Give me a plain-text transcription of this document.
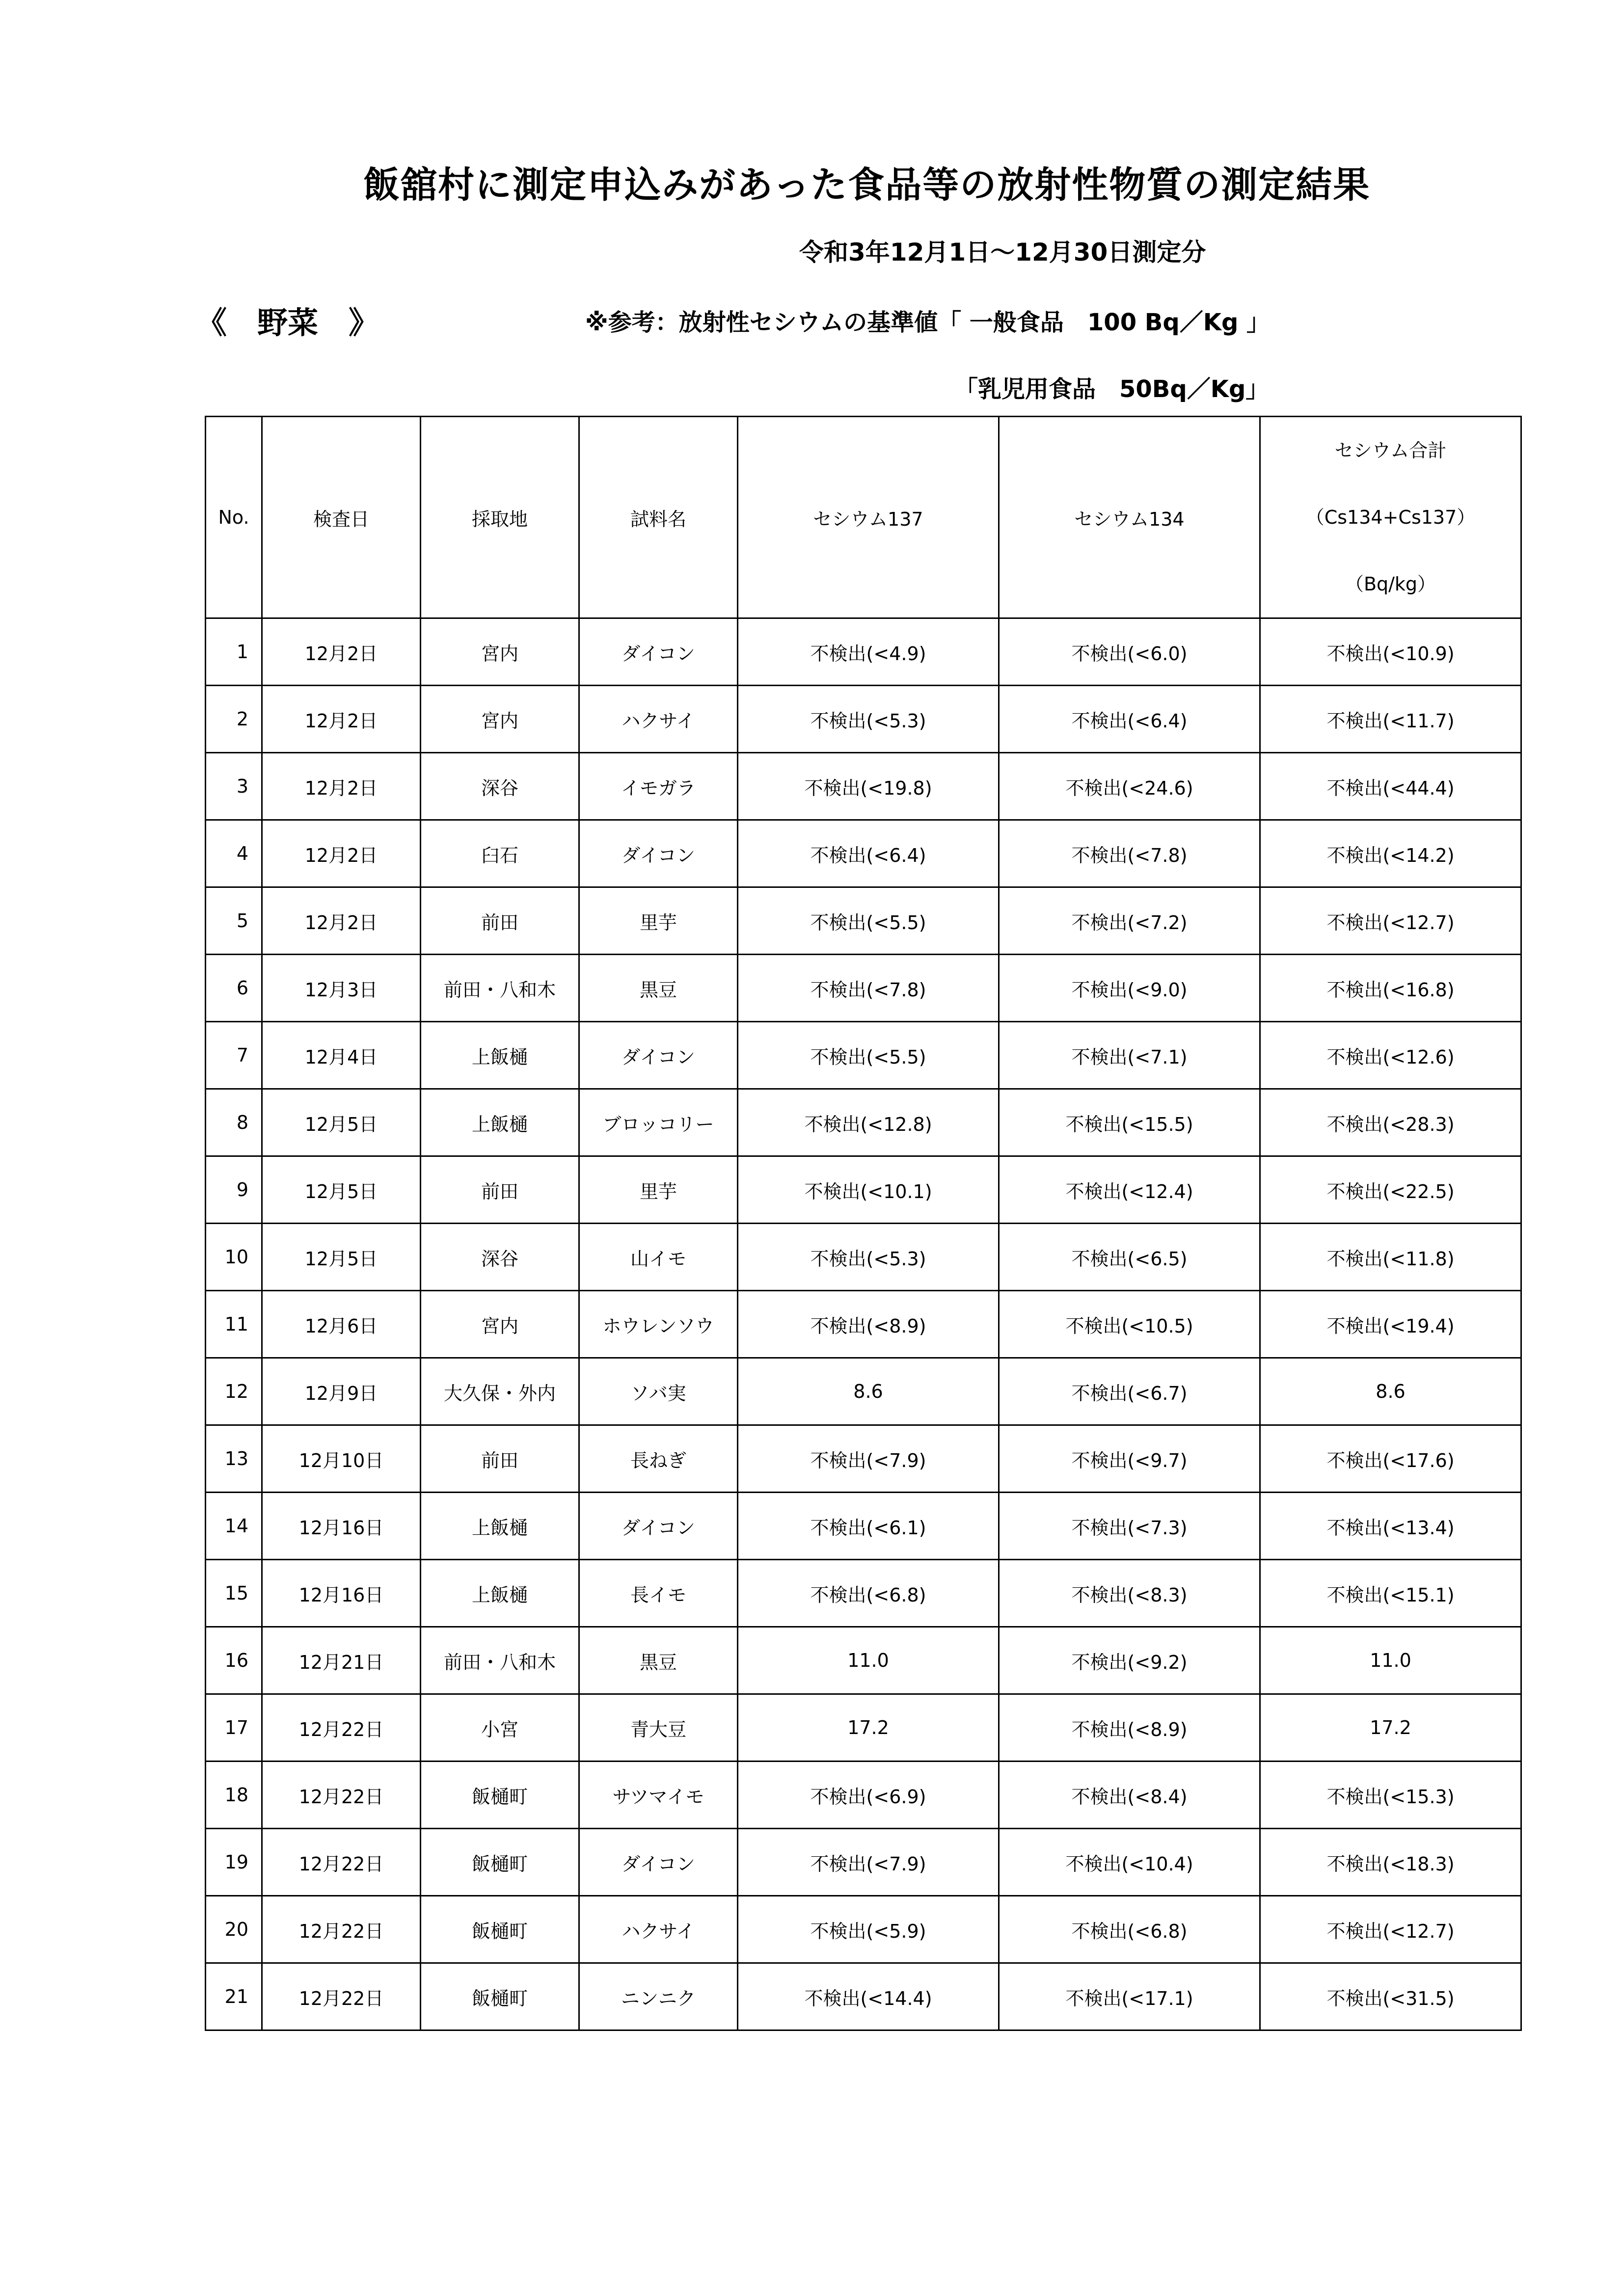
飯舘村に測定申込みがあった食品等の放射性物質の測定結果
令和3年12月1日～12月30日測定分
《　野菜　》	※参考：放射性セシウムの基準値「 一般食品　100 Bq／Kg 」
「乳児用食品　50Bq／Kg」
No.	検査日	採取地	試料名	セシウム137	セシウム134	セシウム合計
（Cs134+Cs137）
（Bq/kg）

1	12月2日	宮内	ダイコン	不検出(<4.9)	不検出(<6.0)	不検出(<10.9)
2	12月2日	宮内	ハクサイ	不検出(<5.3)	不検出(<6.4)	不検出(<11.7)
3	12月2日	深谷	イモガラ	不検出(<19.8)	不検出(<24.6)	不検出(<44.4)
4	12月2日	臼石	ダイコン	不検出(<6.4)	不検出(<7.8)	不検出(<14.2)
5	12月2日	前田	里芋	不検出(<5.5)	不検出(<7.2)	不検出(<12.7)
6	12月3日	前田・八和木	黒豆	不検出(<7.8)	不検出(<9.0)	不検出(<16.8)
7	12月4日	上飯樋	ダイコン	不検出(<5.5)	不検出(<7.1)	不検出(<12.6)
8	12月5日	上飯樋	ブロッコリー	不検出(<12.8)	不検出(<15.5)	不検出(<28.3)
9	12月5日	前田	里芋	不検出(<10.1)	不検出(<12.4)	不検出(<22.5)
10	12月5日	深谷	山イモ	不検出(<5.3)	不検出(<6.5)	不検出(<11.8)
11	12月6日	宮内	ホウレンソウ	不検出(<8.9)	不検出(<10.5)	不検出(<19.4)
12	12月9日	大久保・外内	ソバ実	8.6	不検出(<6.7)	8.6
13	12月10日	前田	長ねぎ	不検出(<7.9)	不検出(<9.7)	不検出(<17.6)
14	12月16日	上飯樋	ダイコン	不検出(<6.1)	不検出(<7.3)	不検出(<13.4)
15	12月16日	上飯樋	長イモ	不検出(<6.8)	不検出(<8.3)	不検出(<15.1)
16	12月21日	前田・八和木	黒豆	11.0	不検出(<9.2)	11.0
17	12月22日	小宮	青大豆	17.2	不検出(<8.9)	17.2
18	12月22日	飯樋町	サツマイモ	不検出(<6.9)	不検出(<8.4)	不検出(<15.3)
19	12月22日	飯樋町	ダイコン	不検出(<7.9)	不検出(<10.4)	不検出(<18.3)
20	12月22日	飯樋町	ハクサイ	不検出(<5.9)	不検出(<6.8)	不検出(<12.7)
21	12月22日	飯樋町	ニンニク	不検出(<14.4)	不検出(<17.1)	不検出(<31.5)
